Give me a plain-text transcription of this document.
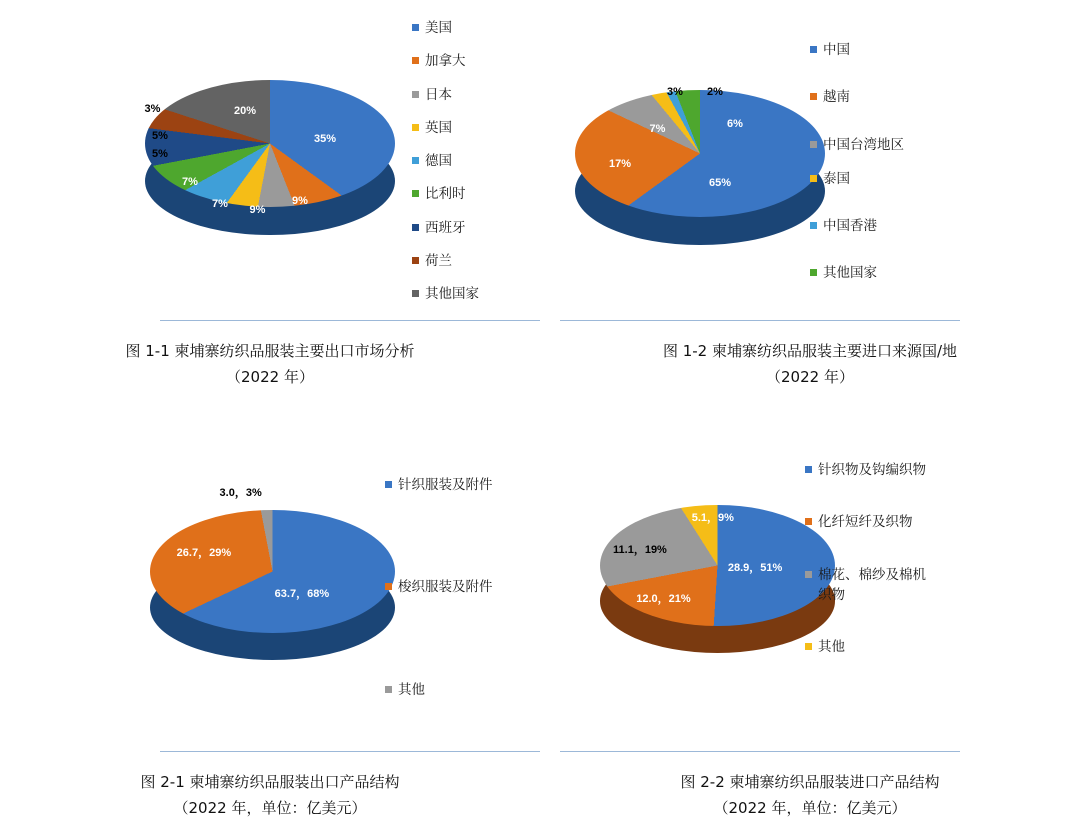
35%
9%
9%
7%
7%
5%
5%
3%	20%
美国
加拿大
日本
英国
德国
比利时
西班牙
荷兰
其他国家
图 1-1 柬埔寨纺织品服装主要出口市场分析
（2022 年）
65%
17%
7%
3% 2%
6%
中国
越南
中国台湾地区
泰国
中国香港
其他国家
图 1-2 柬埔寨纺织品服装主要进口来源国/地
（2022 年）
63.7，68%
26.7，29%
3.0，3%	针织服装及附件
梭织服装及附件
其他
图 2-1 柬埔寨纺织品服装出口产品结构
（2022 年，单位：亿美元）
28.9，51%
12.0，21%
11.1，19%
5.1，9%
针织物及钩编织物
化纤短纤及织物
棉花、棉纱及棉机织物
其他
图 2-2 柬埔寨纺织品服装进口产品结构
（2022 年，单位：亿美元）
